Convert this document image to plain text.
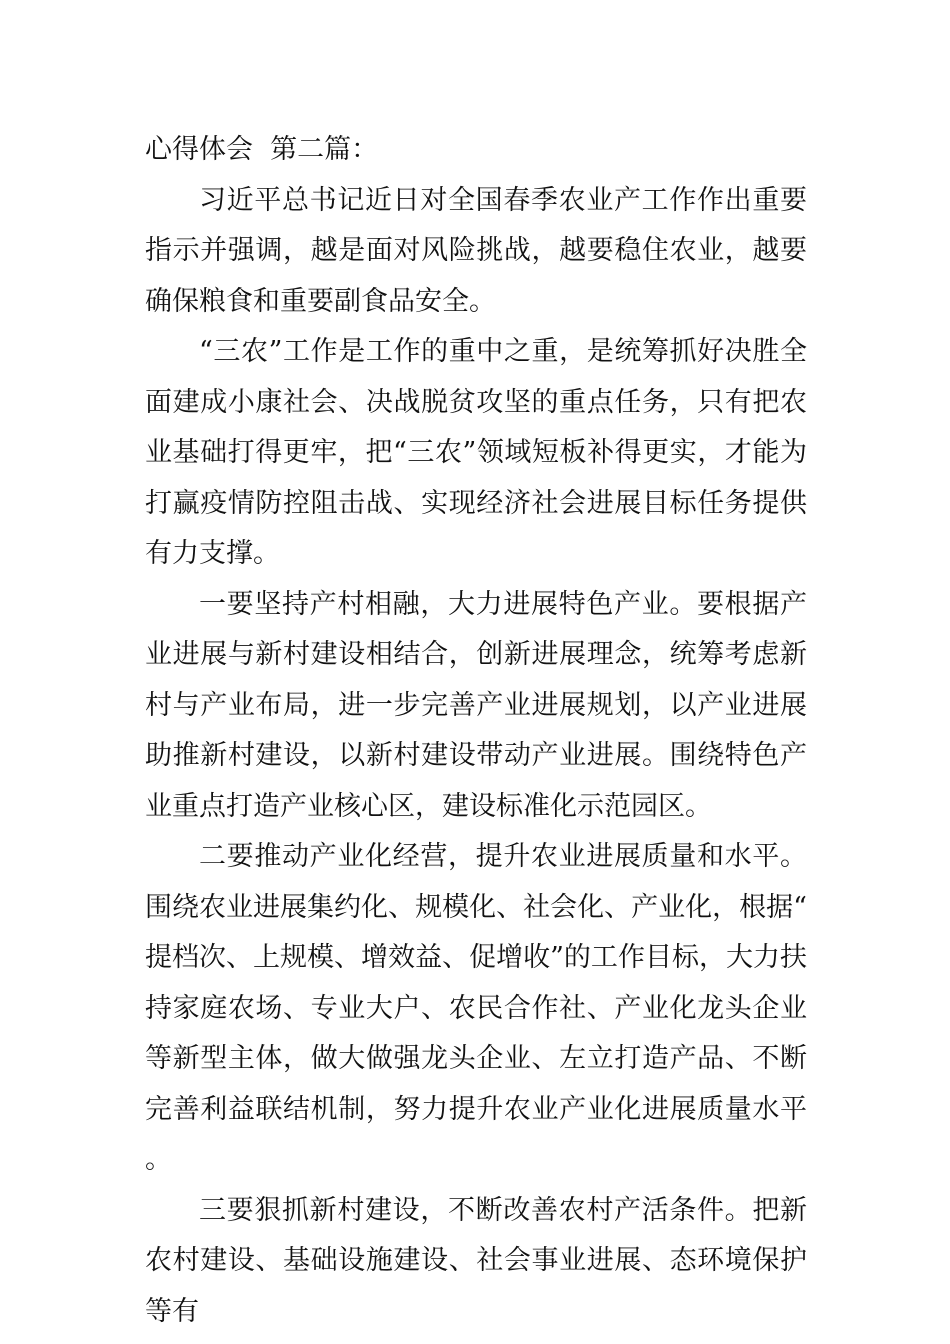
心得体会  第二篇：

习近平总书记近日对全国春季农业产工作作出重要指示并强调，越是面对风险挑战，越要稳住农业，越要确保粮食和重要副食品安全。

“三农”工作是工作的重中之重，是统筹抓好决胜全面建成小康社会、决战脱贫攻坚的重点任务，只有把农业基础打得更牢，把“三农”领域短板补得更实，才能为打赢疫情防控阻击战、实现经济社会进展目标任务提供有力支撑。

一要坚持产村相融，大力进展特色产业。要根据产业进展与新村建设相结合，创新进展理念，统筹考虑新村与产业布局，进一步完善产业进展规划，以产业进展助推新村建设，以新村建设带动产业进展。围绕特色产业重点打造产业核心区，建设标准化示范园区。

二要推动产业化经营，提升农业进展质量和水平。围绕农业进展集约化、规模化、社会化、产业化，根据“提档次、上规模、增效益、促增收”的工作目标，大力扶持家庭农场、专业大户、农民合作社、产业化龙头企业等新型主体，做大做强龙头企业、左立打造产品、不断完善利益联结机制，努力提升农业产业化进展质量水平。

三要狠抓新村建设，不断改善农村产活条件。把新农村建设、基础设施建设、社会事业进展、态环境保护等有
